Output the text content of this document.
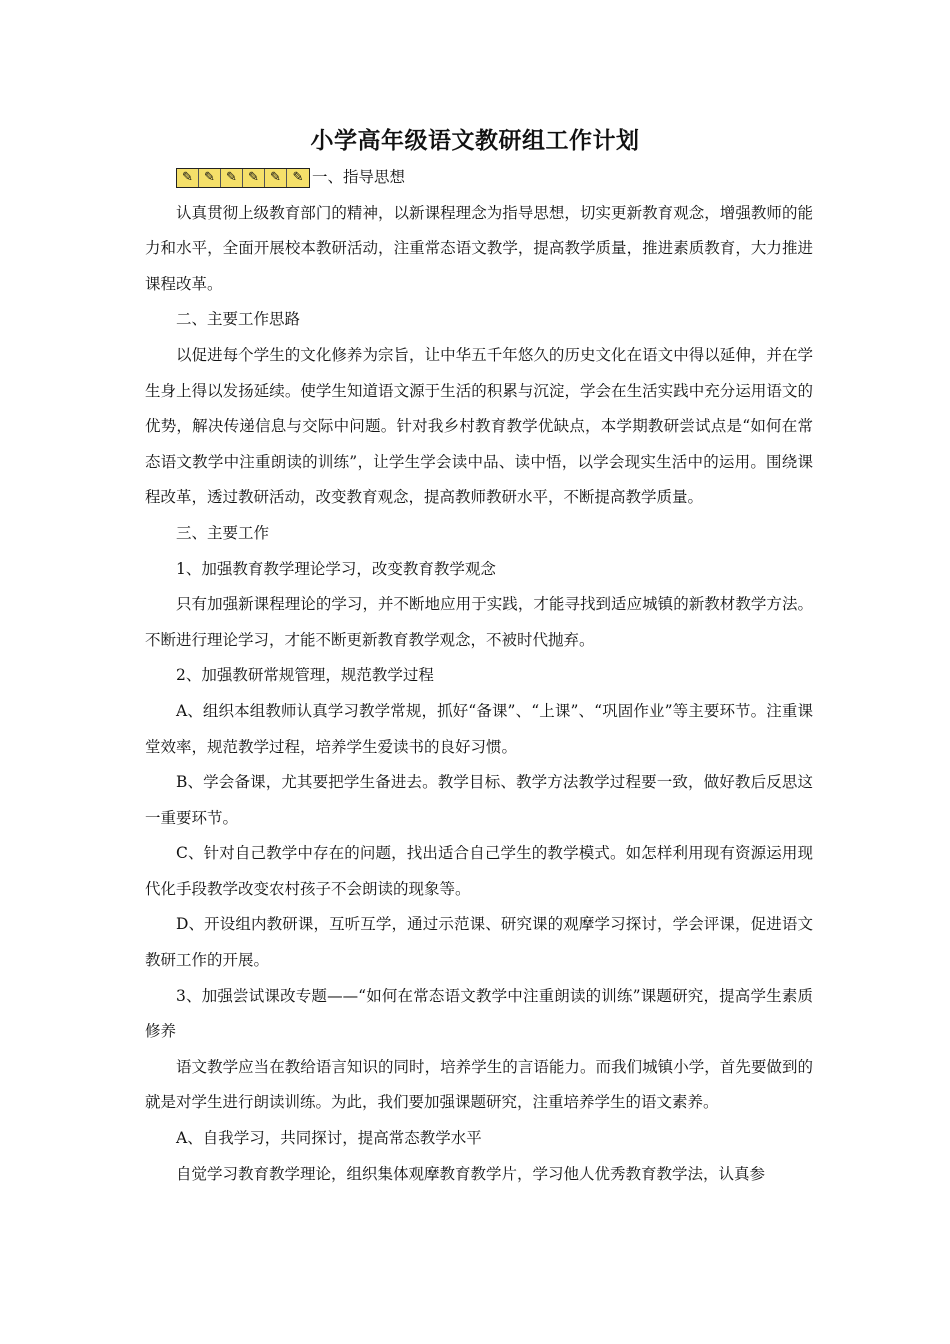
小学高年级语文教研组工作计划
✎ ✎ ✎ ✎ ✎ ✎ 一、指导思想

认真贯彻上级教育部门的精神，以新课程理念为指导思想，切实更新教育观念，增强教师的能力和水平，全面开展校本教研活动，注重常态语文教学，提高教学质量，推进素质教育，大力推进课程改革。

二、主要工作思路

以促进每个学生的文化修养为宗旨，让中华五千年悠久的历史文化在语文中得以延伸，并在学生身上得以发扬延续。使学生知道语文源于生活的积累与沉淀，学会在生活实践中充分运用语文的优势，解决传递信息与交际中问题。针对我乡村教育教学优缺点，本学期教研尝试点是“如何在常态语文教学中注重朗读的训练”，让学生学会读中品、读中悟，以学会现实生活中的运用。围绕课程改革，透过教研活动，改变教育观念，提高教师教研水平，不断提高教学质量。

三、主要工作

1、加强教育教学理论学习，改变教育教学观念

只有加强新课程理论的学习，并不断地应用于实践，才能寻找到适应城镇的新教材教学方法。不断进行理论学习，才能不断更新教育教学观念，不被时代抛弃。

2、加强教研常规管理，规范教学过程

A、组织本组教师认真学习教学常规，抓好“备课”、“上课”、“巩固作业”等主要环节。注重课堂效率，规范教学过程，培养学生爱读书的良好习惯。

B、学会备课，尤其要把学生备进去。教学目标、教学方法教学过程要一致，做好教后反思这一重要环节。

C、针对自己教学中存在的问题，找出适合自己学生的教学模式。如怎样利用现有资源运用现代化手段教学改变农村孩子不会朗读的现象等。

D、开设组内教研课，互听互学，通过示范课、研究课的观摩学习探讨，学会评课，促进语文教研工作的开展。

3、加强尝试课改专题——“如何在常态语文教学中注重朗读的训练”课题研究，提高学生素质修养

语文教学应当在教给语言知识的同时，培养学生的言语能力。而我们城镇小学，首先要做到的就是对学生进行朗读训练。为此，我们要加强课题研究，注重培养学生的语文素养。

A、自我学习，共同探讨，提高常态教学水平

自觉学习教育教学理论，组织集体观摩教育教学片，学习他人优秀教育教学法，认真参
